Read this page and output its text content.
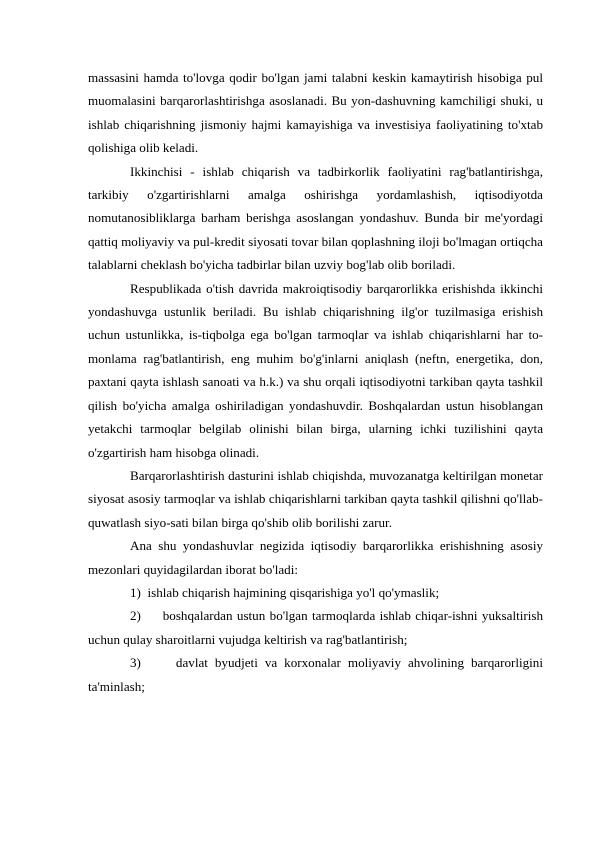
massasini hamda to'lovga qodir bo'lgan jami talabni keskin kamaytirish hisobiga pul muomalasini barqarorlashtirishga asoslanadi. Bu yon-dashuvning kamchiligi shuki, u ishlab chiqarishning jismoniy hajmi kamayishiga va investisiya faoliyatining to'xtab qolishiga olib keladi.

Ikkinchisi - ishlab chiqarish va tadbirkorlik faoliyatini rag'batlantirishga, tarkibiy o'zgartirishlarni amalga oshirishga yordamlashish, iqtisodiyotda nomutanosibliklarga barham berishga asoslangan yondashuv. Bunda bir me'yordagi qattiq moliyaviy va pul-kredit siyosati tovar bilan qoplashning iloji bo'lmagan ortiqcha talablarni cheklash bo'yicha tadbirlar bilan uzviy bog'lab olib boriladi.

Respublikada o'tish davrida makroiqtisodiy barqarorlikka erishishda ikkinchi yondashuvga ustunlik beriladi. Bu ishlab chiqarishning ilg'or tuzilmasiga erishish uchun ustunlikka, is-tiqbolga ega bo'lgan tarmoqlar va ishlab chiqarishlarni har to-monlama rag'batlantirish, eng muhim bo'g'inlarni aniqlash (neftn, energetika, don, paxtani qayta ishlash sanoati va h.k.) va shu orqali iqtisodiyotni tarkiban qayta tashkil qilish bo'yicha amalga oshiriladigan yondashuvdir. Boshqalardan ustun hisoblangan yetakchi tarmoqlar belgilab olinishi bilan birga, ularning ichki tuzilishini qayta o'zgartirish ham hisobga olinadi.

Barqarorlashtirish dasturini ishlab chiqishda, muvozanatga keltirilgan monetar siyosat asosiy tarmoqlar va ishlab chiqarishlarni tarkiban qayta tashkil qilishni qo'llab-quwatlash siyo-sati bilan birga qo'shib olib borilishi zarur.

Ana shu yondashuvlar negizida iqtisodiy barqarorlikka erishishning asosiy mezonlari quyidagilardan iborat bo'ladi:

1) ishlab chiqarish hajmining qisqarishiga yo'l qo'ymaslik;

2) boshqalardan ustun bo'lgan tarmoqlarda ishlab chiqar-ishni yuksaltirish uchun qulay sharoitlarni vujudga keltirish va rag'batlantirish;

3)	davlat byudjeti va korxonalar moliyaviy ahvolining barqarorligini ta'minlash;
